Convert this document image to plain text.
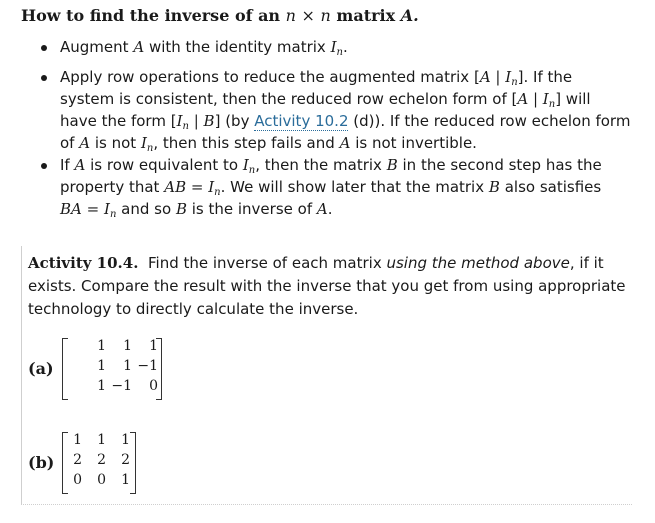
How to find the inverse of an n × n matrix A.
Augment A with the identity matrix $I_n$.
Apply row operations to reduce the augmented matrix [A | $I_n$]. If the
system is consistent, then the reduced row echelon form of [A | $I_n$] will
have the form [$I_n$ | B] (by Activity 10.2 (d)). If the reduced row echelon form
of A is not $I_n$, then this step fails and A is not invertible.
If A is row equivalent to $I_n$, then the matrix B in the second step has the
property that AB = $I_n$. We will show later that the matrix B also satisfies
BA = $I_n$ and so B is the inverse of A.
Activity 10.4. Find the inverse of each matrix using the method above, if it
exists. Compare the result with the inverse that you get from using appropriate
technology to directly calculate the inverse.
(a)
1	1	1
1	1 −1
1 −1	0
(b)
1	1	1
2	2	2
0	0	1
